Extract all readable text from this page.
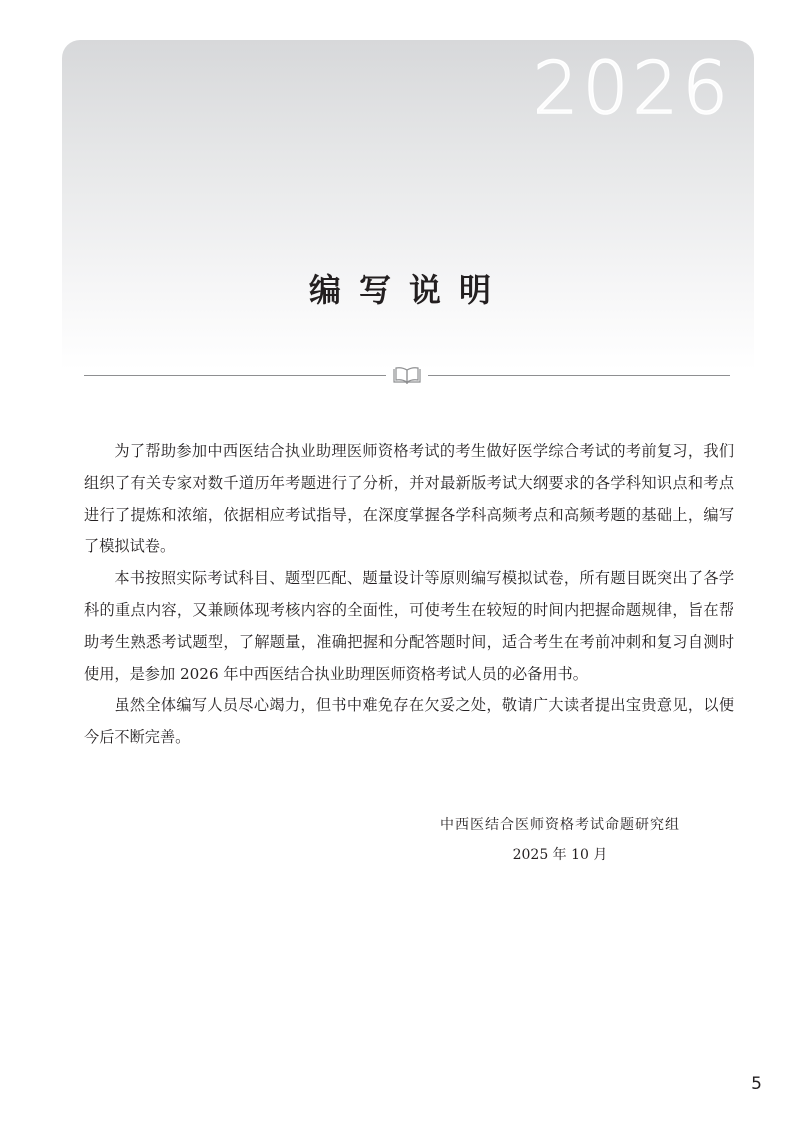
2026
编写说明

为了帮助参加中西医结合执业助理医师资格考试的考生做好医学综合考试的考前复习，我们组织了有关专家对数千道历年考题进行了分析，并对最新版考试大纲要求的各学科知识点和考点进行了提炼和浓缩，依据相应考试指导，在深度掌握各学科高频考点和高频考题的基础上，编写了模拟试卷。

本书按照实际考试科目、题型匹配、题量设计等原则编写模拟试卷，所有题目既突出了各学科的重点内容，又兼顾体现考核内容的全面性，可使考生在较短的时间内把握命题规律，旨在帮助考生熟悉考试题型，了解题量，准确把握和分配答题时间，适合考生在考前冲刺和复习自测时使用，是参加 2026 年中西医结合执业助理医师资格考试人员的必备用书。

虽然全体编写人员尽心竭力，但书中难免存在欠妥之处，敬请广大读者提出宝贵意见，以便今后不断完善。

中西医结合医师资格考试命题研究组
2025 年 10 月
5
